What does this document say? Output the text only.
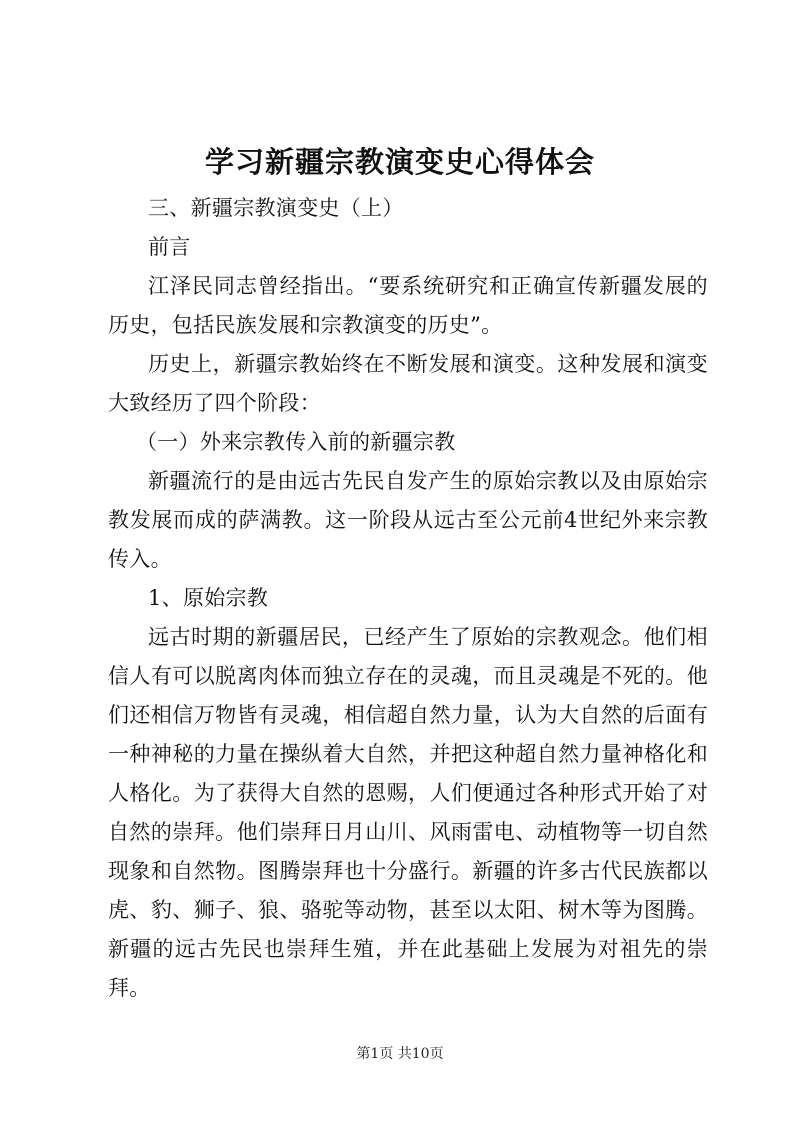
学习新疆宗教演变史心得体会

三、新疆宗教演变史（上）

前言

江泽民同志曾经指出。“要系统研究和正确宣传新疆发展的历史，包括民族发展和宗教演变的历史”。

历史上，新疆宗教始终在不断发展和演变。这种发展和演变大致经历了四个阶段：

（一）外来宗教传入前的新疆宗教

新疆流行的是由远古先民自发产生的原始宗教以及由原始宗教发展而成的萨满教。这一阶段从远古至公元前4世纪外来宗教传入。

1、原始宗教

远古时期的新疆居民，已经产生了原始的宗教观念。他们相信人有可以脱离肉体而独立存在的灵魂，而且灵魂是不死的。他们还相信万物皆有灵魂，相信超自然力量，认为大自然的后面有一种神秘的力量在操纵着大自然，并把这种超自然力量神格化和人格化。为了获得大自然的恩赐，人们便通过各种形式开始了对自然的崇拜。他们崇拜日月山川、风雨雷电、动植物等一切自然现象和自然物。图腾崇拜也十分盛行。新疆的许多古代民族都以虎、豹、狮子、狼、骆驼等动物，甚至以太阳、树木等为图腾。新疆的远古先民也崇拜生殖，并在此基础上发展为对祖先的崇拜。

第1页 共10页
